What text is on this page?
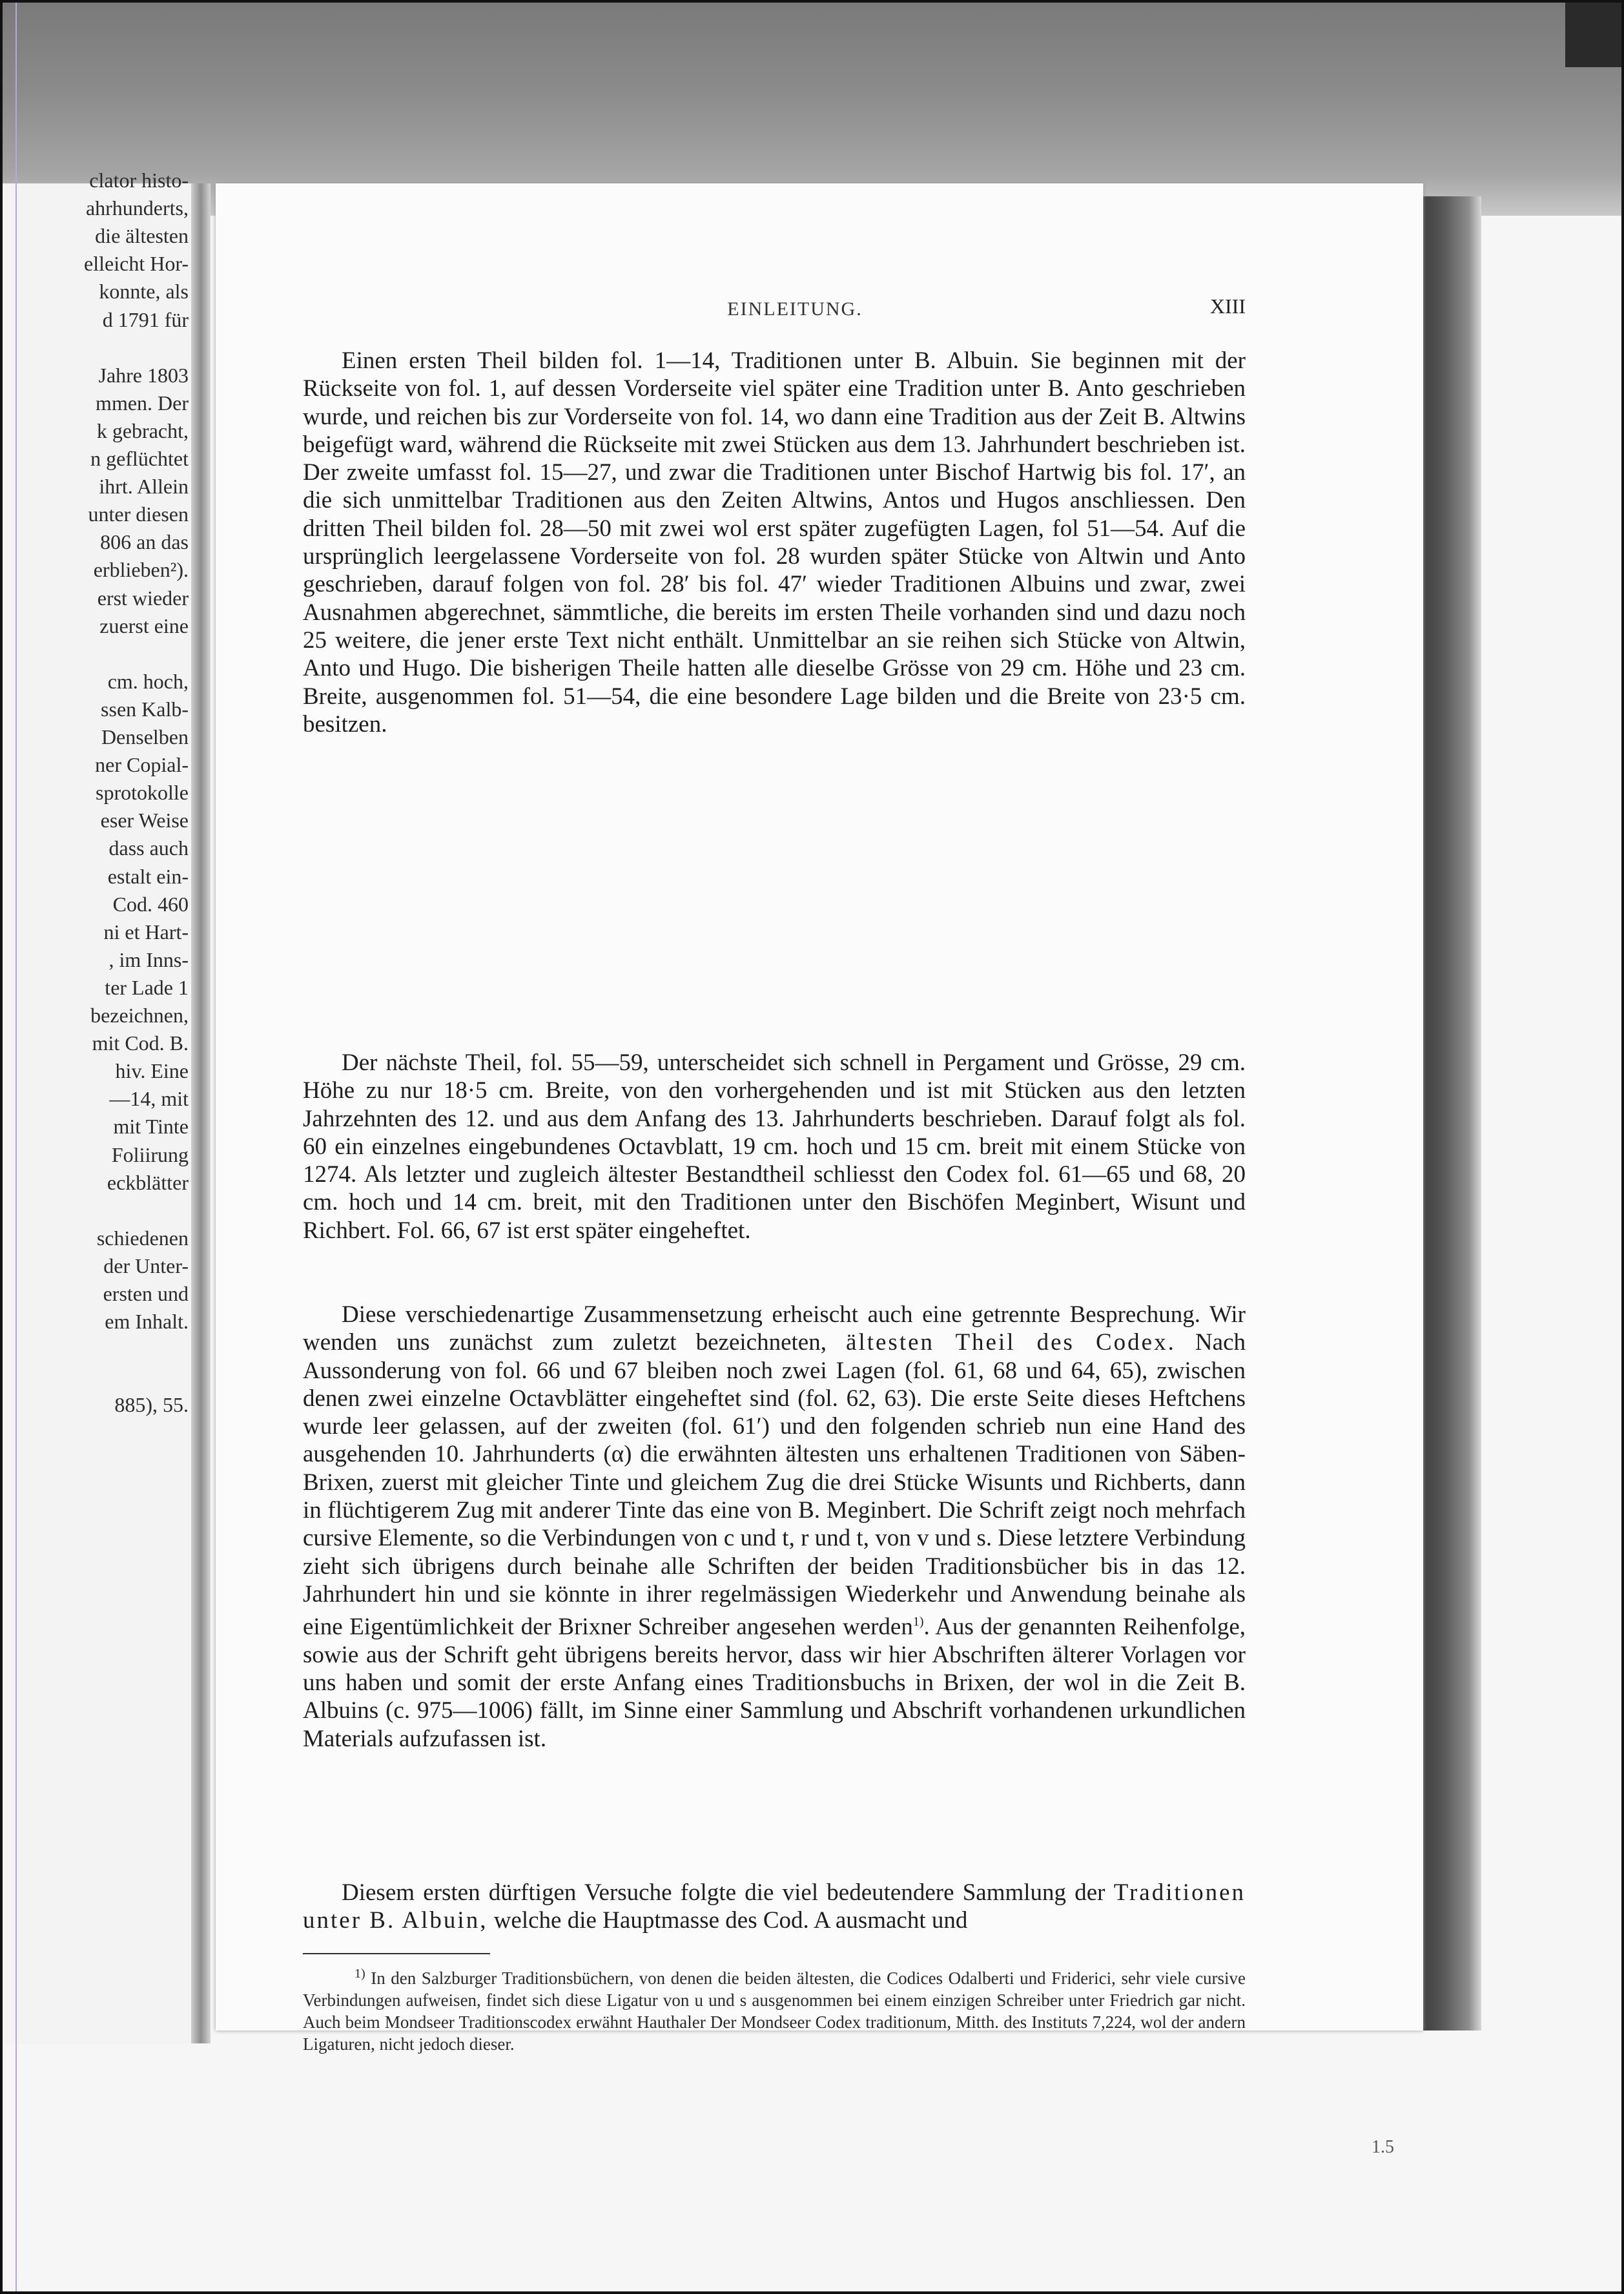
clator histo-
ahrhunderts,
die ältesten
elleicht Hor-
konnte, als
d 1791 für
Jahre 1803
mmen. Der
k gebracht,
n geflüchtet
ihrt. Allein
unter diesen
806 an das
erblieben²).
erst wieder
zuerst eine
cm. hoch,
ssen Kalb-
Denselben
ner Copial-
sprotokolle
eser Weise
dass auch
estalt ein-
Cod. 460
ni et Hart-
, im Inns-
ter Lade 1
bezeichnen,
mit Cod. B.
hiv. Eine
—14, mit
mit Tinte
Foliirung
eckblätter
schiedenen
der Unter-
ersten und
em Inhalt.
885), 55.
EINLEITUNG.	XIII
Einen ersten Theil bilden fol. 1—14, Traditionen unter B. Albuin. Sie beginnen mit der Rückseite von fol. 1, auf dessen Vorderseite viel später eine Tradition unter B. Anto geschrieben wurde, und reichen bis zur Vorderseite von fol. 14, wo dann eine Tradition aus der Zeit B. Altwins beigefügt ward, während die Rückseite mit zwei Stücken aus dem 13. Jahrhundert beschrieben ist. Der zweite umfasst fol. 15—27, und zwar die Traditionen unter Bischof Hartwig bis fol. 17′, an die sich unmittelbar Traditionen aus den Zeiten Altwins, Antos und Hugos anschliessen. Den dritten Theil bilden fol. 28—50 mit zwei wol erst später zugefügten Lagen, fol 51—54. Auf die ursprünglich leergelassene Vorderseite von fol. 28 wurden später Stücke von Altwin und Anto geschrieben, darauf folgen von fol. 28′ bis fol. 47′ wieder Traditionen Albuins und zwar, zwei Ausnahmen abgerechnet, sämmtliche, die bereits im ersten Theile vorhanden sind und dazu noch 25 weitere, die jener erste Text nicht enthält. Unmittelbar an sie reihen sich Stücke von Altwin, Anto und Hugo. Die bisherigen Theile hatten alle dieselbe Grösse von 29 cm. Höhe und 23 cm. Breite, ausgenommen fol. 51—54, die eine besondere Lage bilden und die Breite von 23·5 cm. besitzen.
Der nächste Theil, fol. 55—59, unterscheidet sich schnell in Pergament und Grösse, 29 cm. Höhe zu nur 18·5 cm. Breite, von den vorhergehenden und ist mit Stücken aus den letzten Jahrzehnten des 12. und aus dem Anfang des 13. Jahrhunderts beschrieben. Darauf folgt als fol. 60 ein einzelnes eingebundenes Octavblatt, 19 cm. hoch und 15 cm. breit mit einem Stücke von 1274. Als letzter und zugleich ältester Bestandtheil schliesst den Codex fol. 61—65 und 68, 20 cm. hoch und 14 cm. breit, mit den Traditionen unter den Bischöfen Meginbert, Wisunt und Richbert. Fol. 66, 67 ist erst später eingeheftet.
Diese verschiedenartige Zusammensetzung erheischt auch eine getrennte Besprechung. Wir wenden uns zunächst zum zuletzt bezeichneten, ältesten Theil des Codex. Nach Aussonderung von fol. 66 und 67 bleiben noch zwei Lagen (fol. 61, 68 und 64, 65), zwischen denen zwei einzelne Octavblätter eingeheftet sind (fol. 62, 63). Die erste Seite dieses Heftchens wurde leer gelassen, auf der zweiten (fol. 61′) und den folgenden schrieb nun eine Hand des ausgehenden 10. Jahrhunderts (α) die erwähnten ältesten uns erhaltenen Traditionen von Säben-Brixen, zuerst mit gleicher Tinte und gleichem Zug die drei Stücke Wisunts und Richberts, dann in flüchtigerem Zug mit anderer Tinte das eine von B. Meginbert. Die Schrift zeigt noch mehrfach cursive Elemente, so die Verbindungen von c und t, r und t, von v und s. Diese letztere Verbindung zieht sich übrigens durch beinahe alle Schriften der beiden Traditionsbücher bis in das 12. Jahrhundert hin und sie könnte in ihrer regelmässigen Wiederkehr und Anwendung beinahe als eine Eigentümlichkeit der Brixner Schreiber angesehen werden$^{1)}$. Aus der genannten Reihenfolge, sowie aus der Schrift geht übrigens bereits hervor, dass wir hier Abschriften älterer Vorlagen vor uns haben und somit der erste Anfang eines Traditionsbuchs in Brixen, der wol in die Zeit B. Albuins (c. 975—1006) fällt, im Sinne einer Sammlung und Abschrift vorhandenen urkundlichen Materials aufzufassen ist.
Diesem ersten dürftigen Versuche folgte die viel bedeutendere Sammlung der Traditionen unter B. Albuin, welche die Hauptmasse des Cod. A ausmacht und
$^{1)}$ In den Salzburger Traditionsbüchern, von denen die beiden ältesten, die Codices Odalberti und Friderici, sehr viele cursive Verbindungen aufweisen, findet sich diese Ligatur von u und s ausgenommen bei einem einzigen Schreiber unter Friedrich gar nicht. Auch beim Mondseer Traditionscodex erwähnt Hauthaler Der Mondseer Codex traditionum, Mitth. des Instituts 7,224, wol der andern Ligaturen, nicht jedoch dieser.
1.5
